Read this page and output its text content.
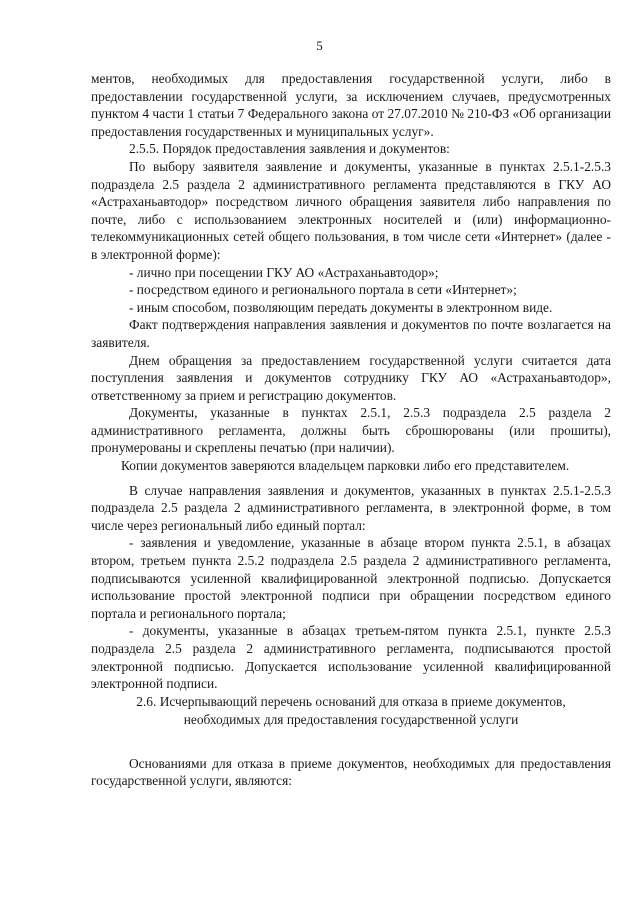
5

ментов, необходимых для предоставления государственной услуги, либо в предоставлении государственной услуги, за исключением случаев, предусмотренных пунктом 4 части 1 статьи 7 Федерального закона от 27.07.2010 № 210-ФЗ «Об организации предоставления государственных и муниципальных услуг».

2.5.5. Порядок предоставления заявления и документов:

По выбору заявителя заявление и документы, указанные в пунктах 2.5.1-2.5.3 подраздела 2.5 раздела 2 административного регламента представляются в ГКУ АО «Астраханьавтодор» посредством личного обращения заявителя либо направления по почте, либо с использованием электронных носителей и (или) информационно-телекоммуникационных сетей общего пользования, в том числе сети «Интернет» (далее - в электронной форме):

- лично при посещении ГКУ АО «Астраханьавтодор»;

- посредством единого и регионального портала в сети «Интернет»;

- иным способом, позволяющим передать документы в электронном виде.

Факт подтверждения направления заявления и документов по почте возлагается на заявителя.

Днем обращения за предоставлением государственной услуги считается дата поступления заявления и документов сотруднику ГКУ АО «Астраханьавтодор», ответственному за прием и регистрацию документов.

Документы, указанные в пунктах 2.5.1, 2.5.3 подраздела 2.5 раздела 2 административного регламента, должны быть сброшюрованы (или прошиты), пронумерованы и скреплены печатью (при наличии).

Копии документов заверяются владельцем парковки либо его представителем.

В случае направления заявления и документов, указанных в пунктах 2.5.1-2.5.3 подраздела 2.5 раздела 2 административного регламента, в электронной форме, в том числе через региональный либо единый портал:

- заявления и уведомление, указанные в абзаце втором пункта 2.5.1, в абзацах втором, третьем пункта 2.5.2 подраздела 2.5 раздела 2 административного регламента, подписываются усиленной квалифицированной электронной подписью. Допускается использование простой электронной подписи при обращении посредством единого портала и регионального портала;

- документы, указанные в абзацах третьем-пятом пункта 2.5.1, пункте 2.5.3 подраздела 2.5 раздела 2 административного регламента, подписываются простой электронной подписью. Допускается использование усиленной квалифицированной электронной подписи.

2.6. Исчерпывающий перечень оснований для отказа в приеме документов,
необходимых для предоставления государственной услуги

Основаниями для отказа в приеме документов, необходимых для предоставления государственной услуги, являются:
